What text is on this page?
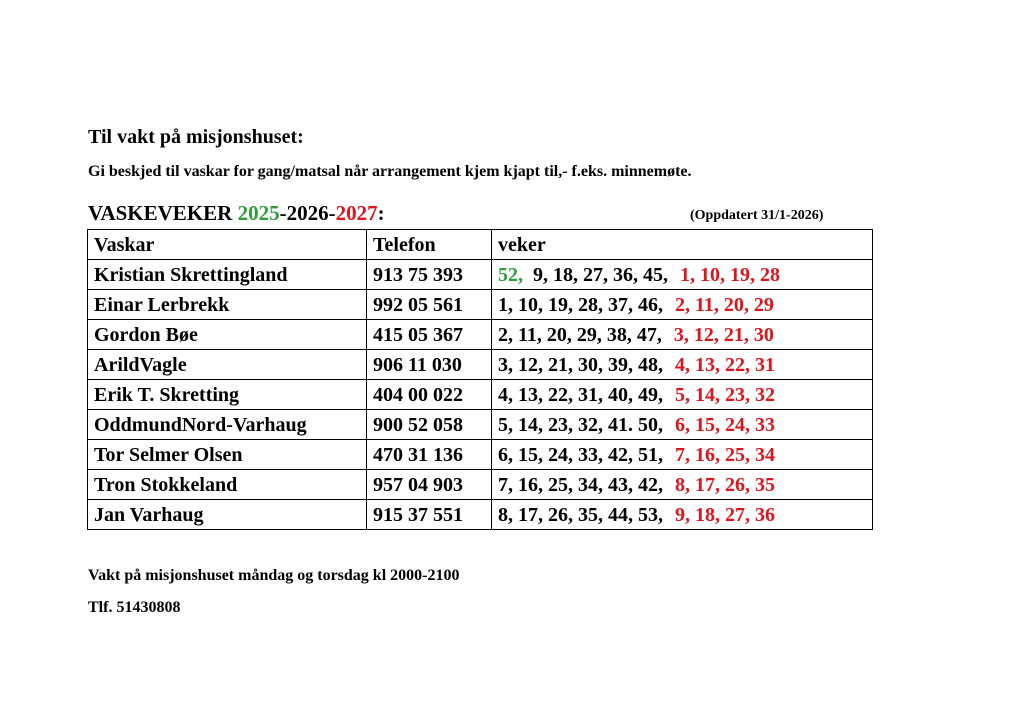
Til vakt på misjonshuset:
Gi beskjed til vaskar for gang/matsal når arrangement kjem kjapt til,- f.eks. minnemøte.
VASKEVEKER 2025-2026-2027:	(Oppdatert 31/1-2026)
Vaskar	Telefon	veker
Kristian Skrettingland	913 75 393	52, 9, 18, 27, 36, 45, 1, 10, 19, 28
Einar Lerbrekk	992 05 561	1, 10, 19, 28, 37, 46, 2, 11, 20, 29
Gordon Bøe	415 05 367	2, 11, 20, 29, 38, 47, 3, 12, 21, 30
ArildVagle	906 11 030	3, 12, 21, 30, 39, 48, 4, 13, 22, 31
Erik T. Skretting	404 00 022	4, 13, 22, 31, 40, 49, 5, 14, 23, 32
OddmundNord-Varhaug	900 52 058	5, 14, 23, 32, 41. 50, 6, 15, 24, 33
Tor Selmer Olsen	470 31 136	6, 15, 24, 33, 42, 51, 7, 16, 25, 34
Tron Stokkeland	957 04 903	7, 16, 25, 34, 43, 42, 8, 17, 26, 35
Jan Varhaug	915 37 551	8, 17, 26, 35, 44, 53, 9, 18, 27, 36
Vakt på misjonshuset måndag og torsdag kl 2000-2100
Tlf. 51430808
